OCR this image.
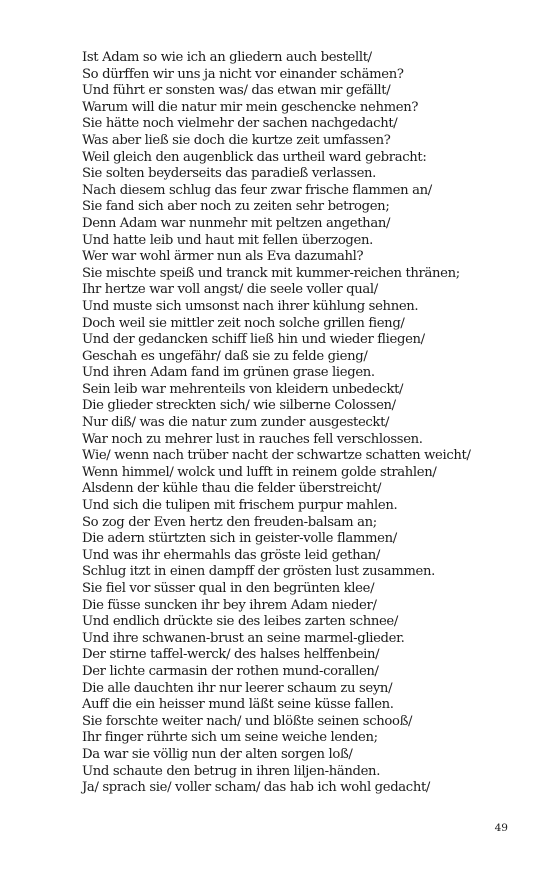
Ist Adam so wie ich an gliedern auch bestellt/
So dürffen wir uns ja nicht vor einander schämen?
Und führt er sonsten was/ das etwan mir gefällt/
Warum will die natur mir mein geschencke nehmen?
Sie hätte noch vielmehr der sachen nachgedacht/
Was aber ließ sie doch die kurtze zeit umfassen?
Weil gleich den augenblick das urtheil ward gebracht:
Sie solten beyderseits das paradieß verlassen.
Nach diesem schlug das feur zwar frische flammen an/
Sie fand sich aber noch zu zeiten sehr betrogen;
Denn Adam war nunmehr mit peltzen angethan/
Und hatte leib und haut mit fellen überzogen.
Wer war wohl ärmer nun als Eva dazumahl?
Sie mischte speiß und tranck mit kummer-reichen thränen;
Ihr hertze war voll angst/ die seele voller qual/
Und muste sich umsonst nach ihrer kühlung sehnen.
Doch weil sie mittler zeit noch solche grillen fieng/
Und der gedancken schiff ließ hin und wieder fliegen/
Geschah es ungefähr/ daß sie zu felde gieng/
Und ihren Adam fand im grünen grase liegen.
Sein leib war mehrenteils von kleidern unbedeckt/
Die glieder streckten sich/ wie silberne Colossen/
Nur diß/ was die natur zum zunder ausgesteckt/
War noch zu mehrer lust in rauches fell verschlossen.
Wie/ wenn nach trüber nacht der schwartze schatten weicht/
Wenn himmel/ wolck und lufft in reinem golde strahlen/
Alsdenn der kühle thau die felder überstreicht/
Und sich die tulipen mit frischem purpur mahlen.
So zog der Even hertz den freuden-balsam an;
Die adern stürtzten sich in geister-volle flammen/
Und was ihr ehermahls das gröste leid gethan/
Schlug itzt in einen dampff der grösten lust zusammen.
Sie fiel vor süsser qual in den begrünten klee/
Die füsse suncken ihr bey ihrem Adam nieder/
Und endlich drückte sie des leibes zarten schnee/
Und ihre schwanen-brust an seine marmel-glieder.
Der stirne taffel-werck/ des halses helffenbein/
Der lichte carmasin der rothen mund-corallen/
Die alle dauchten ihr nur leerer schaum zu seyn/
Auff die ein heisser mund läßt seine küsse fallen.
Sie forschte weiter nach/ und blößte seinen schooß/
Ihr finger rührte sich um seine weiche lenden;
Da war sie völlig nun der alten sorgen loß/
Und schaute den betrug in ihren liljen-händen.
Ja/ sprach sie/ voller scham/ das hab ich wohl gedacht/
49
